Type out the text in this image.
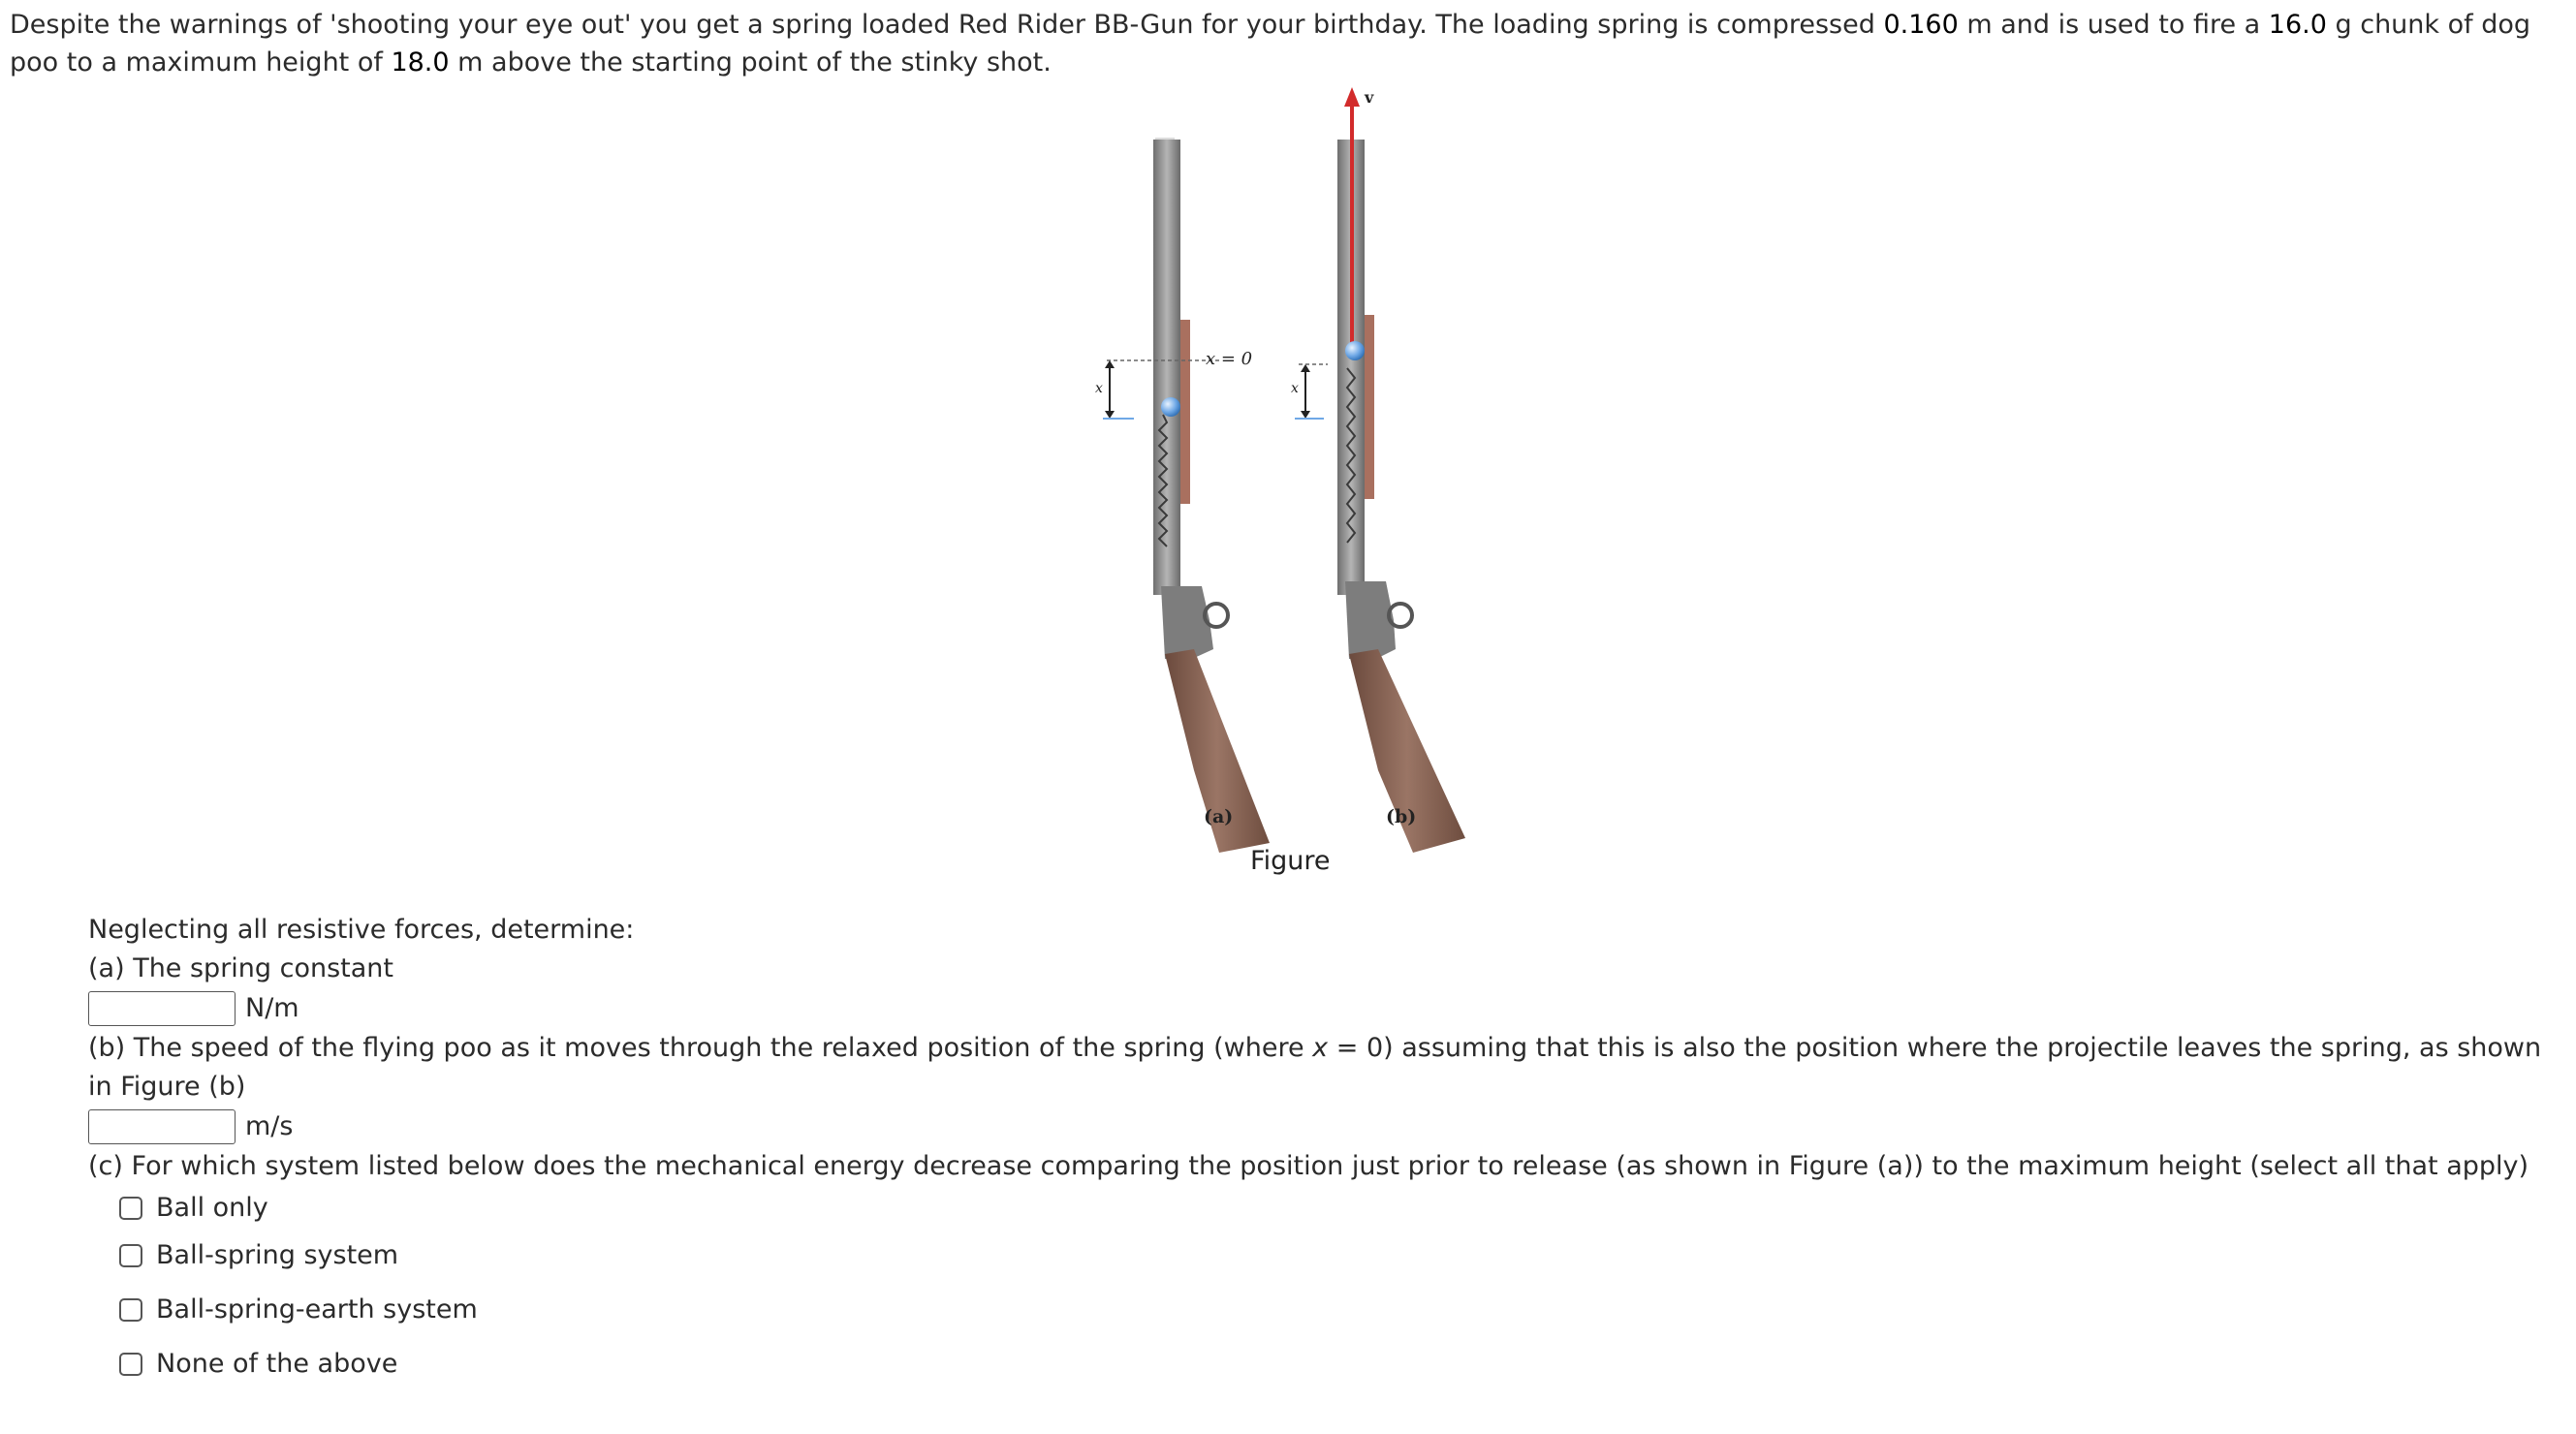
Despite the warnings of 'shooting your eye out' you get a spring loaded Red Rider BB-Gun for your birthday. The loading spring is compressed 0.160 m and is used to fire a 16.0 g chunk of dog poo to a maximum height of 18.0 m above the starting point of the stinky shot.
x = 0
x	x
v
(a)	(b)
Figure
Neglecting all resistive forces, determine:
(a) The spring constant
N/m
(b) The speed of the flying poo as it moves through the relaxed position of the spring (where x = 0) assuming that this is also the position where the projectile leaves the spring, as shown in Figure (b)
m/s
(c) For which system listed below does the mechanical energy decrease comparing the position just prior to release (as shown in Figure (a)) to the maximum height (select all that apply)
Ball only
Ball-spring system
Ball-spring-earth system
None of the above
